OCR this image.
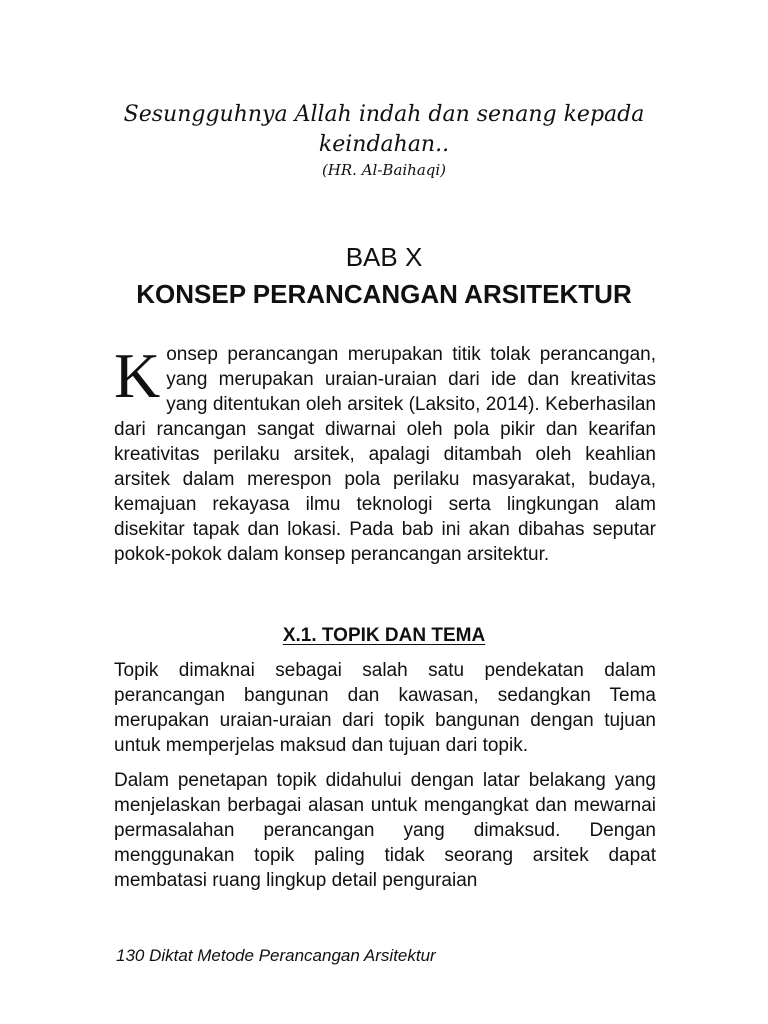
Sesungguhnya Allah indah dan senang kepada keindahan..

(HR. Al-Baihaqi)

BAB X

KONSEP PERANCANGAN ARSITEKTUR

Konsep perancangan merupakan titik tolak perancangan, yang merupakan uraian-uraian dari ide dan kreativitas yang ditentukan oleh arsitek (Laksito, 2014). Keberhasilan dari rancangan sangat diwarnai oleh pola pikir dan kearifan kreativitas perilaku arsitek, apalagi ditambah oleh keahlian arsitek dalam merespon pola perilaku masyarakat, budaya, kemajuan rekayasa ilmu teknologi serta lingkungan alam disekitar tapak dan lokasi. Pada bab ini akan dibahas seputar pokok-pokok dalam konsep perancangan arsitektur.

X.1. TOPIK DAN TEMA

Topik dimaknai sebagai salah satu pendekatan dalam perancangan bangunan dan kawasan, sedangkan Tema merupakan uraian-uraian dari topik bangunan dengan tujuan untuk memperjelas maksud dan tujuan dari topik.

Dalam penetapan topik didahului dengan latar belakang yang menjelaskan berbagai alasan untuk mengangkat dan mewarnai permasalahan perancangan yang dimaksud. Dengan menggunakan topik paling tidak seorang arsitek dapat membatasi ruang lingkup detail penguraian

130 Diktat Metode Perancangan Arsitektur
